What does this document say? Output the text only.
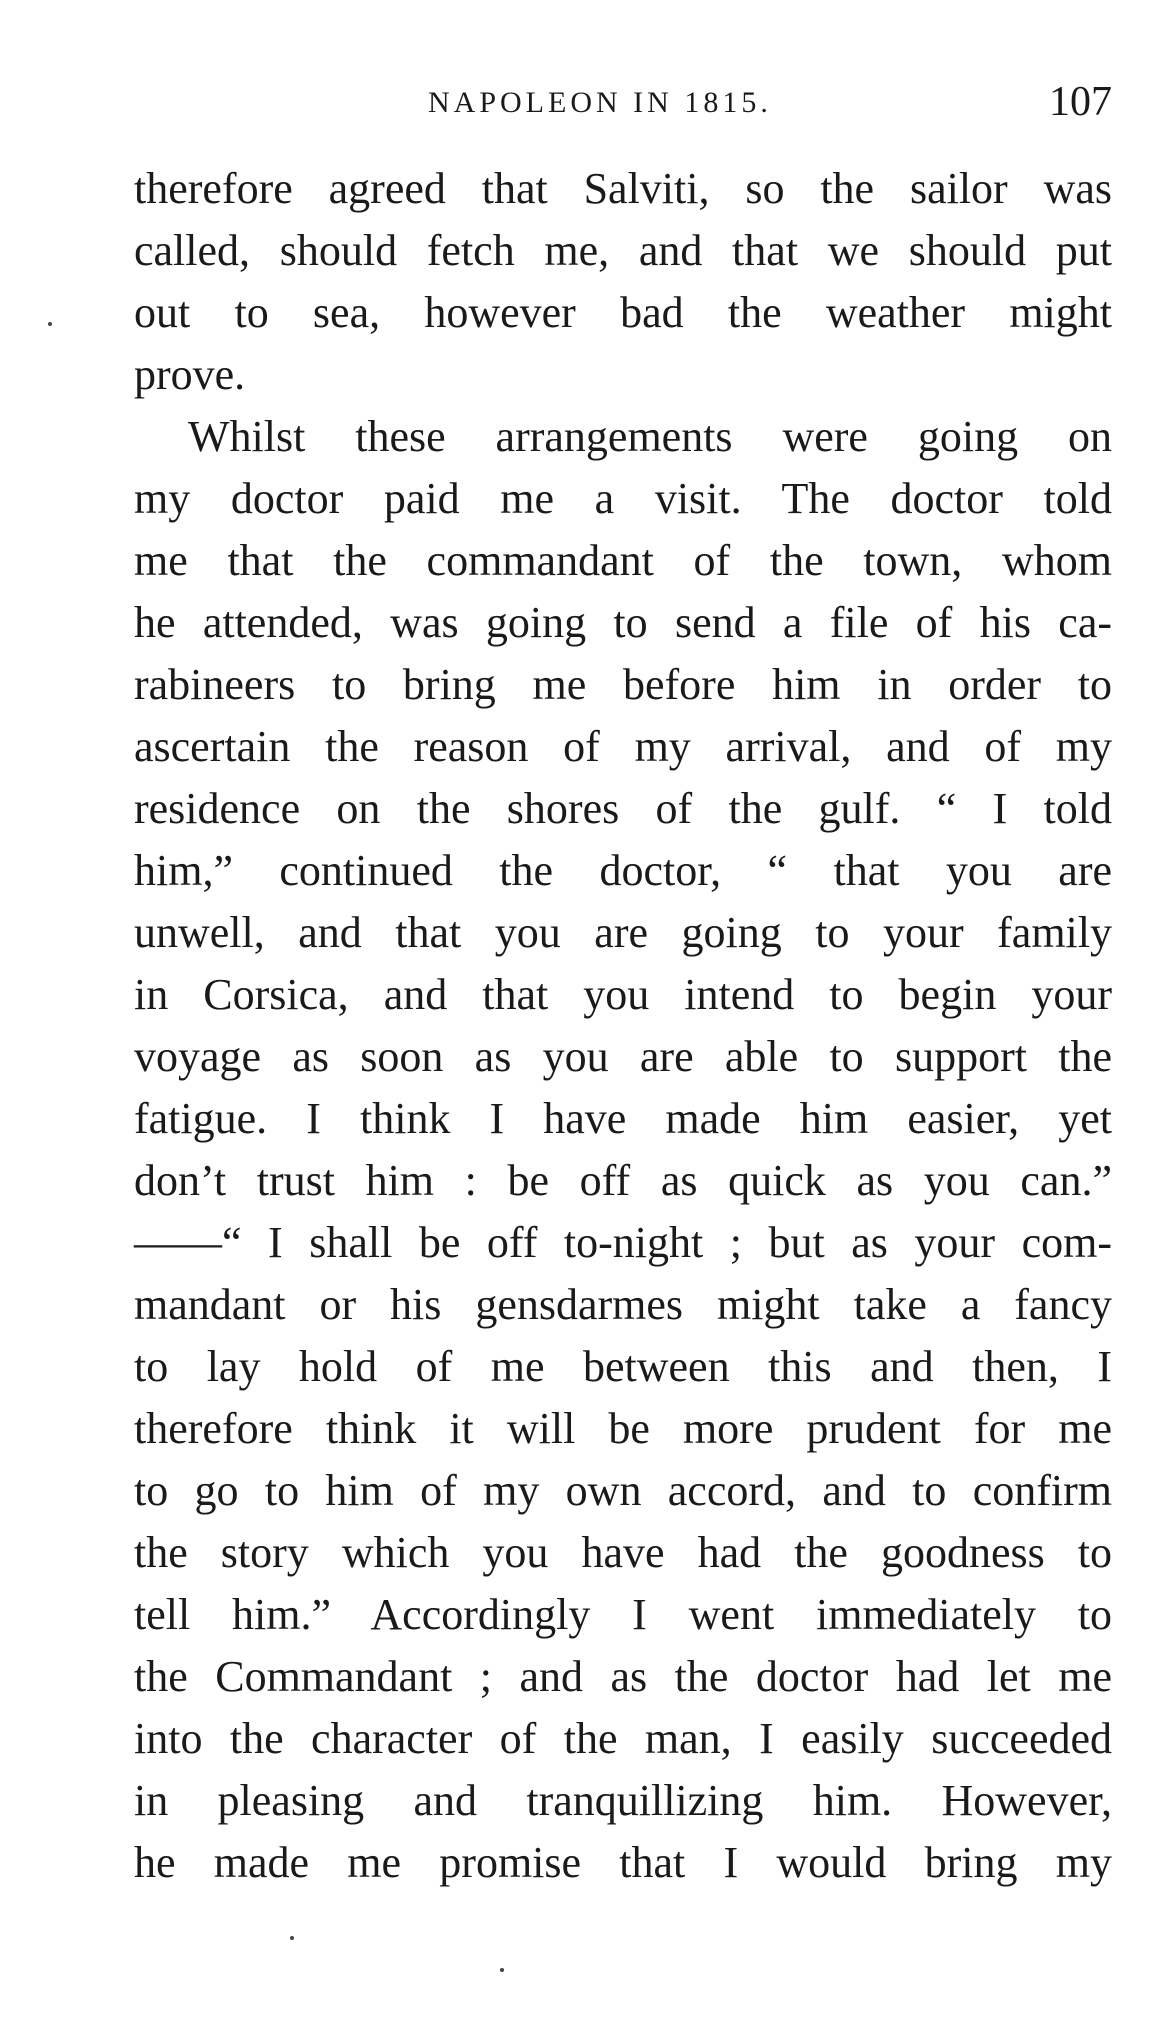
NAPOLEON IN 1815.	107
therefore agreed that Salviti, so the sailor was
called, should fetch me, and that we should put
out to sea, however bad the weather might
prove.
Whilst these arrangements were going on
my doctor paid me a visit. The doctor told
me that the commandant of the town, whom
he attended, was going to send a file of his ca-
rabineers to bring me before him in order to
ascertain the reason of my arrival, and of my
residence on the shores of the gulf. “ I told
him,” continued the doctor, “ that you are
unwell, and that you are going to your family
in Corsica, and that you intend to begin your
voyage as soon as you are able to support the
fatigue. I think I have made him easier, yet
don’t trust him : be off as quick as you can.”
——“ I shall be off to-night ; but as your com-
mandant or his gensdarmes might take a fancy
to lay hold of me between this and then, I
therefore think it will be more prudent for me
to go to him of my own accord, and to confirm
the story which you have had the goodness to
tell him.” Accordingly I went immediately to
the Commandant ; and as the doctor had let me
into the character of the man, I easily succeeded
in pleasing and tranquillizing him. However,
he made me promise that I would bring my
